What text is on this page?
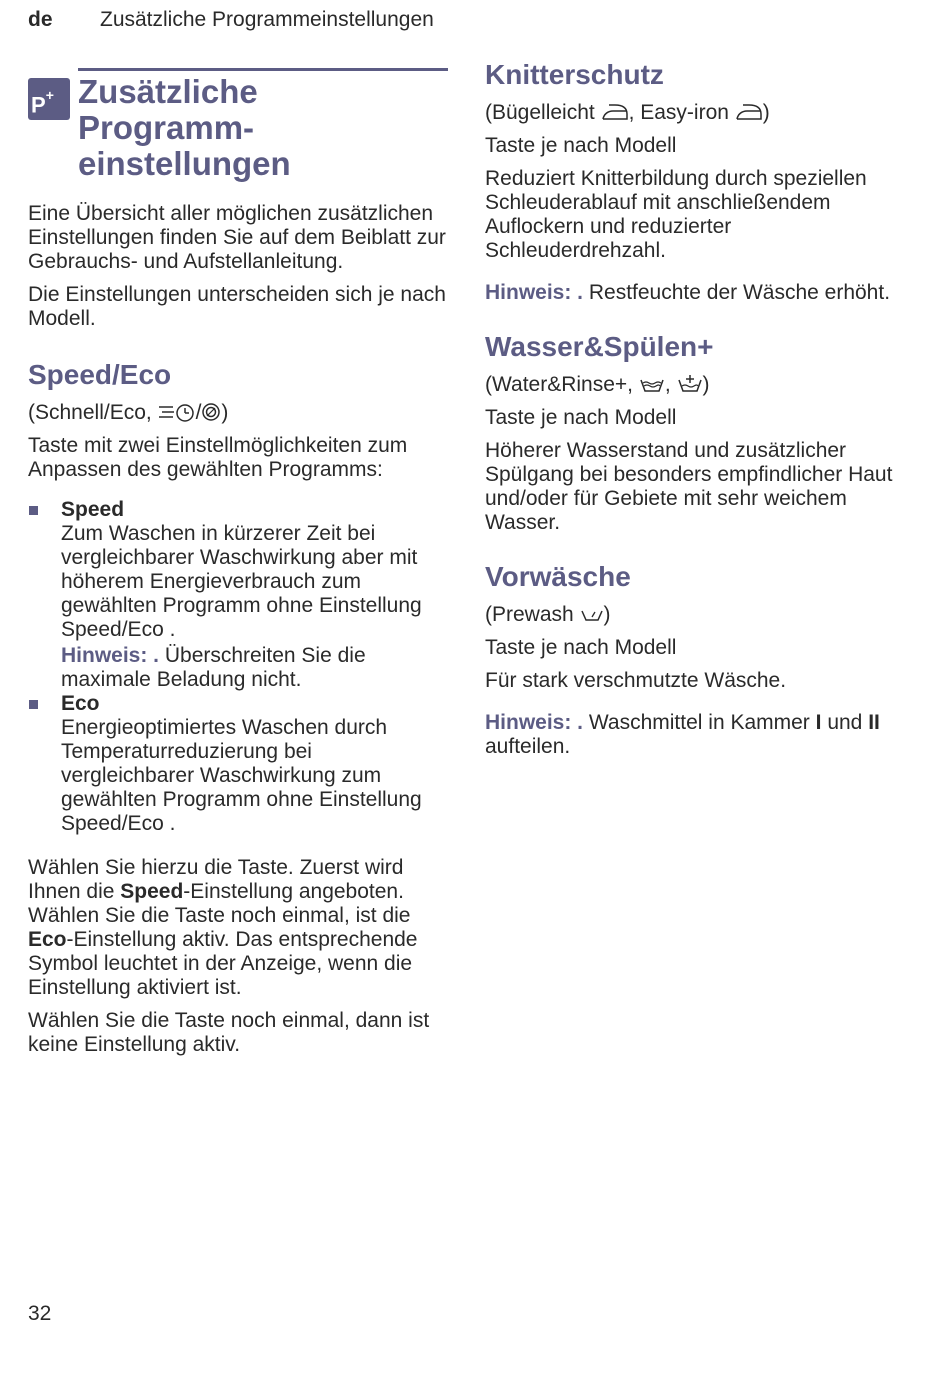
de Zusätzliche Programmeinstellungen
P+ Zusätzliche
Programm-
einstellungen

Eine Übersicht aller möglichen zusätzlichen Einstellungen finden Sie auf dem Beiblatt zur Gebrauchs- und Aufstellanleitung.

Die Einstellungen unterscheiden sich je nach Modell.

Speed/Eco

(Schnell/Eco, / )

Taste mit zwei Einstellmöglichkeiten zum Anpassen des gewählten Programms:

Speed
Zum Waschen in kürzerer Zeit bei vergleichbarer Waschwirkung aber mit höherem Energieverbrauch zum gewählten Programm ohne Einstellung Speed/Eco .
Hinweis: . Überschreiten Sie die maximale Beladung nicht.
Eco
Energieoptimiertes Waschen durch Temperaturreduzierung bei vergleichbarer Waschwirkung zum gewählten Programm ohne Einstellung Speed/Eco .

Wählen Sie hierzu die Taste. Zuerst wird Ihnen die Speed-Einstellung angeboten. Wählen Sie die Taste noch einmal, ist die Eco-Einstellung aktiv. Das entsprechende Symbol leuchtet in der Anzeige, wenn die Einstellung aktiviert ist.

Wählen Sie die Taste noch einmal, dann ist keine Einstellung aktiv.

Knitterschutz

(Bügelleicht , Easy-iron )

Taste je nach Modell

Reduziert Knitterbildung durch speziellen Schleuderablauf mit anschließendem Auflockern und reduzierter Schleuderdrehzahl.

Hinweis: . Restfeuchte der Wäsche erhöht.

Wasser&Spülen+

(Water&Rinse+, , )

Taste je nach Modell

Höherer Wasserstand und zusätzlicher Spülgang bei besonders empfindlicher Haut und/oder für Gebiete mit sehr weichem Wasser.

Vorwäsche

(Prewash )

Taste je nach Modell

Für stark verschmutzte Wäsche.

Hinweis: . Waschmittel in Kammer I und II aufteilen.

32
